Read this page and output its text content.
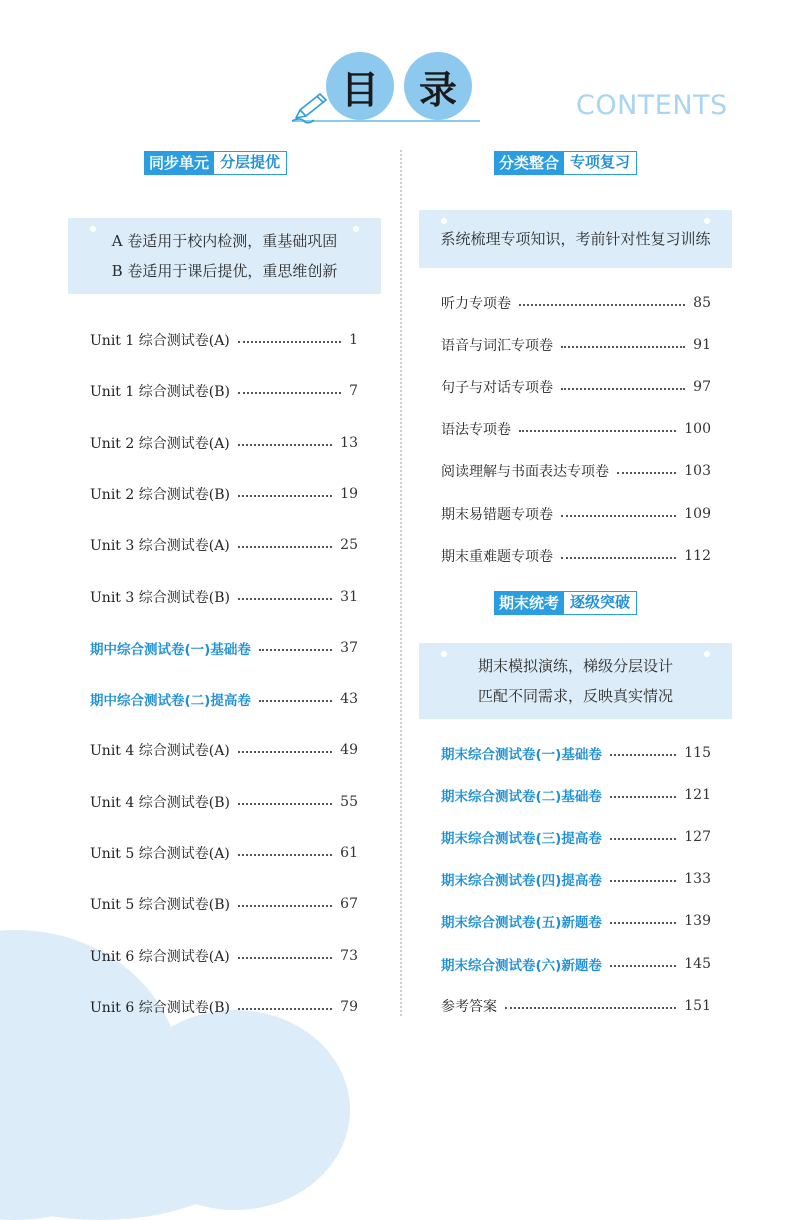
目	录	CONTENTS
同步单元 分层提优
A 卷适用于校内检测，重基础巩固
B 卷适用于课后提优，重思维创新
Unit 1 综合测试卷(A)	1
Unit 1 综合测试卷(B)	7
Unit 2 综合测试卷(A)	13
Unit 2 综合测试卷(B)	19
Unit 3 综合测试卷(A)	25
Unit 3 综合测试卷(B)	31
期中综合测试卷(一)基础卷	37
期中综合测试卷(二)提高卷	43
Unit 4 综合测试卷(A)	49
Unit 4 综合测试卷(B)	55
Unit 5 综合测试卷(A)	61
Unit 5 综合测试卷(B)	67
Unit 6 综合测试卷(A)	73
Unit 6 综合测试卷(B)	79
分类整合 专项复习
系统梳理专项知识，考前针对性复习训练
听力专项卷	85
语音与词汇专项卷	91
句子与对话专项卷	97
语法专项卷	100
阅读理解与书面表达专项卷	103
期末易错题专项卷	109
期末重难题专项卷	112
期末统考 逐级突破
期末模拟演练，梯级分层设计
匹配不同需求，反映真实情况
期末综合测试卷(一)基础卷	115
期末综合测试卷(二)基础卷	121
期末综合测试卷(三)提高卷	127
期末综合测试卷(四)提高卷	133
期末综合测试卷(五)新题卷	139
期末综合测试卷(六)新题卷	145
参考答案	151
